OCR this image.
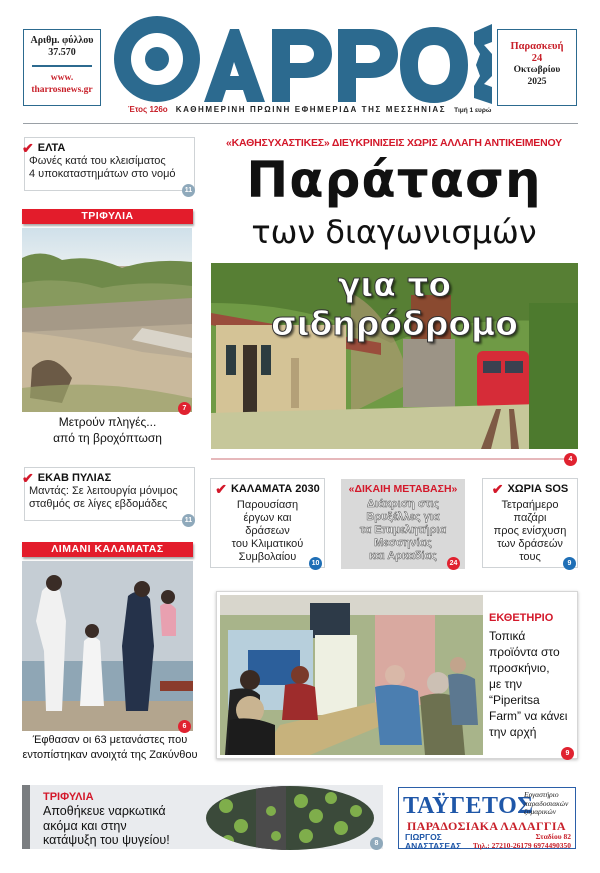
Αριθμ. φύλλου
37.570
www.
tharrosnews.gr
Έτος 126ο ΚΑΘΗΜΕΡΙΝΗ ΠΡΩΙΝΗ ΕΦΗΜΕΡΙΔΑ ΤΗΣ ΜΕΣΣΗΝΙΑΣ Τιμή 1 ευρώ
Παρασκευή
24
Οκτωβρίου
2025
✔ ΕΛΤΑ
Φωνές κατά του κλεισίματος
4 υποκαταστημάτων στο νομό
11
ΤΡΙΦΥΛΙΑ
7
Μετρούν πληγές...
από τη βροχόπτωση
✔ ΕΚΑΒ ΠΥΛΙΑΣ
Μαντάς: Σε λειτουργία μόνιμος
σταθμός σε λίγες εβδομάδες
11
ΛΙΜΑΝΙ ΚΑΛΑΜΑΤΑΣ
6
Έφθασαν οι 63 μετανάστες που
εντοπίστηκαν ανοιχτά της Ζακύνθου
«ΚΑΘΗΣΥΧΑΣΤΙΚΕΣ» ΔΙΕΥΚΡΙΝΙΣΕΙΣ ΧΩΡΙΣ ΑΛΛΑΓΗ ΑΝΤΙΚΕΙΜΕΝΟΥ
Παράταση
των διαγωνισμών
για το σιδηρόδρομο
4
✔ ΚΑΛΑΜΑΤΑ 2030
Παρουσίαση
έργων και
δράσεων
του Κλιματικού
Συμβολαίου
10
«ΔΙΚΑΙΗ ΜΕΤΑΒΑΣΗ»
Διάκριση στις
Βρυξέλλες για
τα Επιμελητήρια
Μεσσηνίας
και Αρκαδίας
24
✔ ΧΩΡΙΑ SOS
Τετραήμερο
παζάρι
προς ενίσχυση
των δράσεών
τους
9
ΕΚΘΕΤΗΡΙΟ
Τοπικά
προϊόντα στο
προσκήνιο,
με την
“Piperitsa
Farm” να κάνει
την αρχή
9
ΤΡΙΦΥΛΙΑ
Αποθήκευε ναρκωτικά
ακόμα και στην
κατάψυξη του ψυγείου!	8
ΤΑΫΓΕΤΟΣ
Εργαστήριο
παραδοσιακών
ζυμαρικών
ΠΑΡΑΔΟΣΙΑΚΑ ΛΑΛΑΓΓΙΑ
ΓΙΩΡΓΟΣ
ΑΝΑΣΤΑΣΕΑΣ
Σταδίου 82
Τηλ.: 27210-26179 6974490350
